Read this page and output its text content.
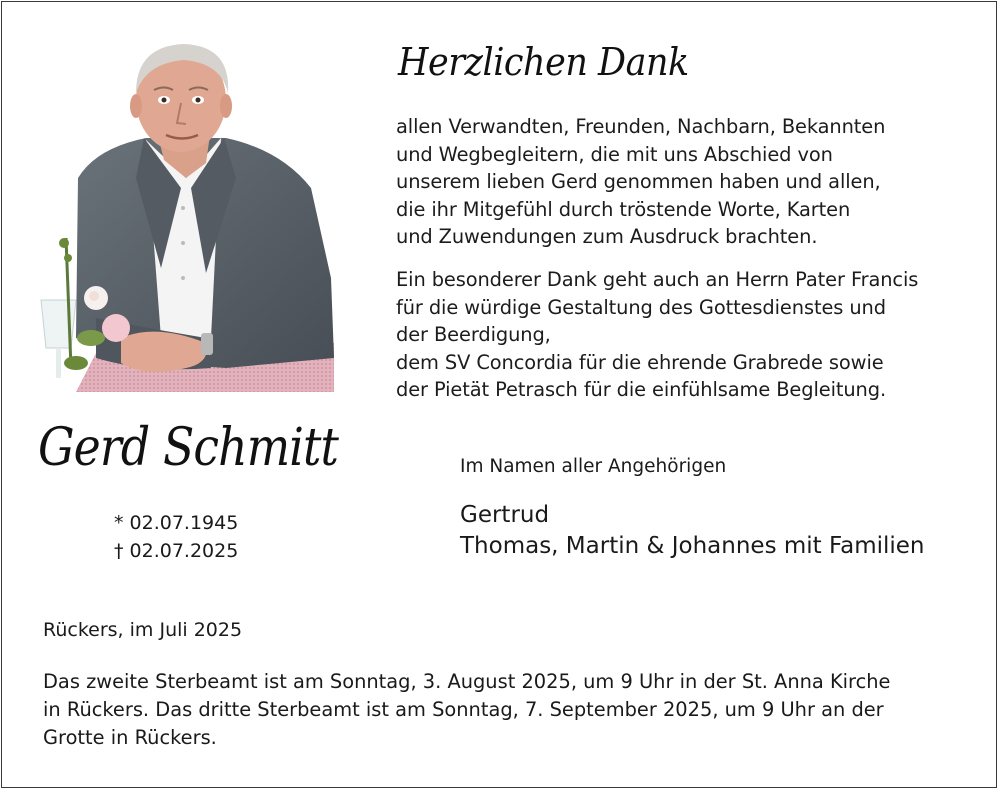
Herzlichen Dank
allen Verwandten, Freunden, Nachbarn, Bekannten
und Wegbegleitern, die mit uns Abschied von
unserem lieben Gerd genommen haben und allen,
die ihr Mitgefühl durch tröstende Worte, Karten
und Zuwendungen zum Ausdruck brachten.
Ein besonderer Dank geht auch an Herrn Pater Francis
für die würdige Gestaltung des Gottesdienstes und
der Beerdigung,
dem SV Concordia für die ehrende Grabrede sowie
der Pietät Petrasch für die einfühlsame Begleitung.
Gerd Schmitt
* 02.07.1945
† 02.07.2025
Im Namen aller Angehörigen
Gertrud
Thomas, Martin & Johannes mit Familien
Rückers, im Juli 2025
Das zweite Sterbeamt ist am Sonntag, 3. August 2025, um 9 Uhr in der St. Anna Kirche
in Rückers. Das dritte Sterbeamt ist am Sonntag, 7. September 2025, um 9 Uhr an der
Grotte in Rückers.
